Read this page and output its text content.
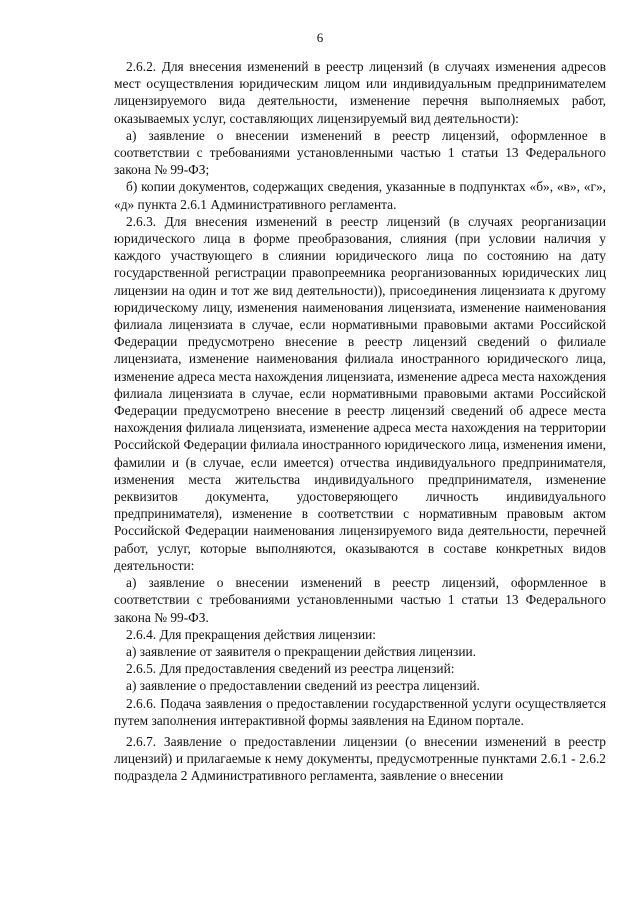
6

2.6.2. Для внесения изменений в реестр лицензий (в случаях изменения адресов мест осуществления юридическим лицом или индивидуальным предпринимателем лицензируемого вида деятельности, изменение перечня выполняемых работ, оказываемых услуг, составляющих лицензируемый вид деятельности):

а) заявление о внесении изменений в реестр лицензий, оформленное в соответствии с требованиями установленными частью 1 статьи 13 Федерального закона № 99-ФЗ;

б) копии документов, содержащих сведения, указанные в подпунктах «б», «в», «г», «д» пункта 2.6.1 Административного регламента.

2.6.3. Для внесения изменений в реестр лицензий (в случаях реорганизации юридического лица в форме преобразования, слияния (при условии наличия у каждого участвующего в слиянии юридического лица по состоянию на дату государственной регистрации правопреемника реорганизованных юридических лиц лицензии на один и тот же вид деятельности)), присоединения лицензиата к другому юридическому лицу, изменения наименования лицензиата, изменение наименования филиала лицензиата в случае, если нормативными правовыми актами Российской Федерации предусмотрено внесение в реестр лицензий сведений о филиале лицензиата, изменение наименования филиала иностранного юридического лица, изменение адреса места нахождения лицензиата, изменение адреса места нахождения филиала лицензиата в случае, если нормативными правовыми актами Российской Федерации предусмотрено внесение в реестр лицензий сведений об адресе места нахождения филиала лицензиата, изменение адреса места нахождения на территории Российской Федерации филиала иностранного юридического лица, изменения имени, фамилии и (в случае, если имеется) отчества индивидуального предпринимателя, изменения места жительства индивидуального предпринимателя, изменение реквизитов документа, удостоверяющего личность индивидуального предпринимателя), изменение в соответствии с нормативным правовым актом Российской Федерации наименования лицензируемого вида деятельности, перечней работ, услуг, которые выполняются, оказываются в составе конкретных видов деятельности:

а) заявление о внесении изменений в реестр лицензий, оформленное в соответствии с требованиями установленными частью 1 статьи 13 Федерального закона № 99-ФЗ.

2.6.4. Для прекращения действия лицензии:

а) заявление от заявителя о прекращении действия лицензии.

2.6.5. Для предоставления сведений из реестра лицензий:

а) заявление о предоставлении сведений из реестра лицензий.

2.6.6. Подача заявления о предоставлении государственной услуги осуществляется путем заполнения интерактивной формы заявления на Едином портале.

2.6.7. Заявление о предоставлении лицензии (о внесении изменений в реестр лицензий) и прилагаемые к нему документы, предусмотренные пунктами 2.6.1 - 2.6.2 подраздела 2 Административного регламента, заявление о внесении
